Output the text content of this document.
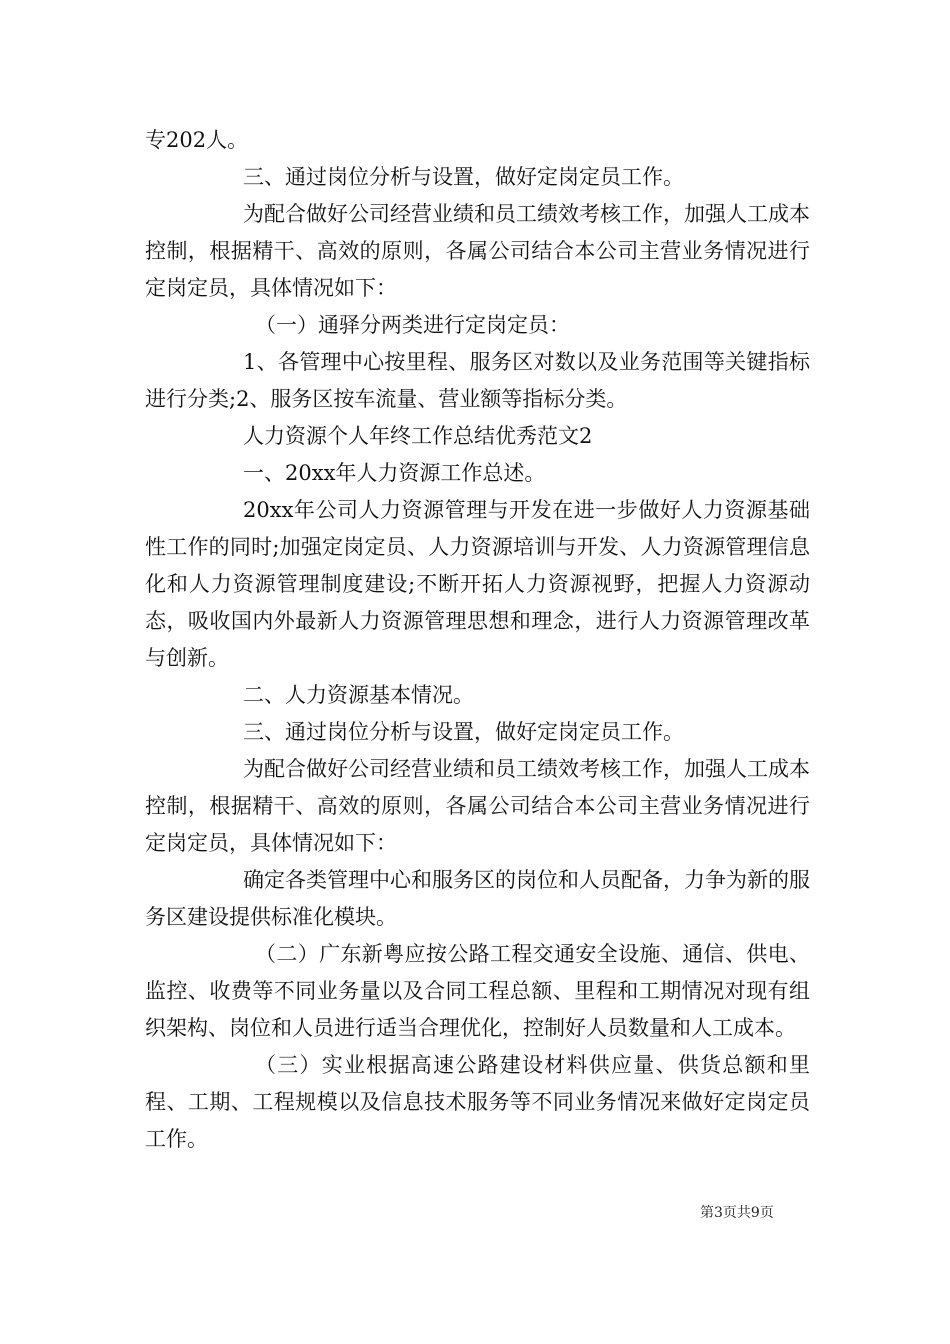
专202人。

三、通过岗位分析与设置，做好定岗定员工作。

为配合做好公司经营业绩和员工绩效考核工作，加强人工成本控制，根据精干、高效的原则，各属公司结合本公司主营业务情况进行定岗定员，具体情况如下：

（一）通驿分两类进行定岗定员：

1、各管理中心按里程、服务区对数以及业务范围等关键指标进行分类;2、服务区按车流量、营业额等指标分类。

人力资源个人年终工作总结优秀范文2

一、20xx年人力资源工作总述。

20xx年公司人力资源管理与开发在进一步做好人力资源基础性工作的同时;加强定岗定员、人力资源培训与开发、人力资源管理信息化和人力资源管理制度建设;不断开拓人力资源视野，把握人力资源动态，吸收国内外最新人力资源管理思想和理念，进行人力资源管理改革与创新。

二、人力资源基本情况。

三、通过岗位分析与设置，做好定岗定员工作。

为配合做好公司经营业绩和员工绩效考核工作，加强人工成本控制，根据精干、高效的原则，各属公司结合本公司主营业务情况进行定岗定员，具体情况如下：

确定各类管理中心和服务区的岗位和人员配备，力争为新的服务区建设提供标准化模块。

（二）广东新粤应按公路工程交通安全设施、通信、供电、监控、收费等不同业务量以及合同工程总额、里程和工期情况对现有组织架构、岗位和人员进行适当合理优化，控制好人员数量和人工成本。

（三）实业根据高速公路建设材料供应量、供货总额和里程、工期、工程规模以及信息技术服务等不同业务情况来做好定岗定员工作。

第3页共9页
